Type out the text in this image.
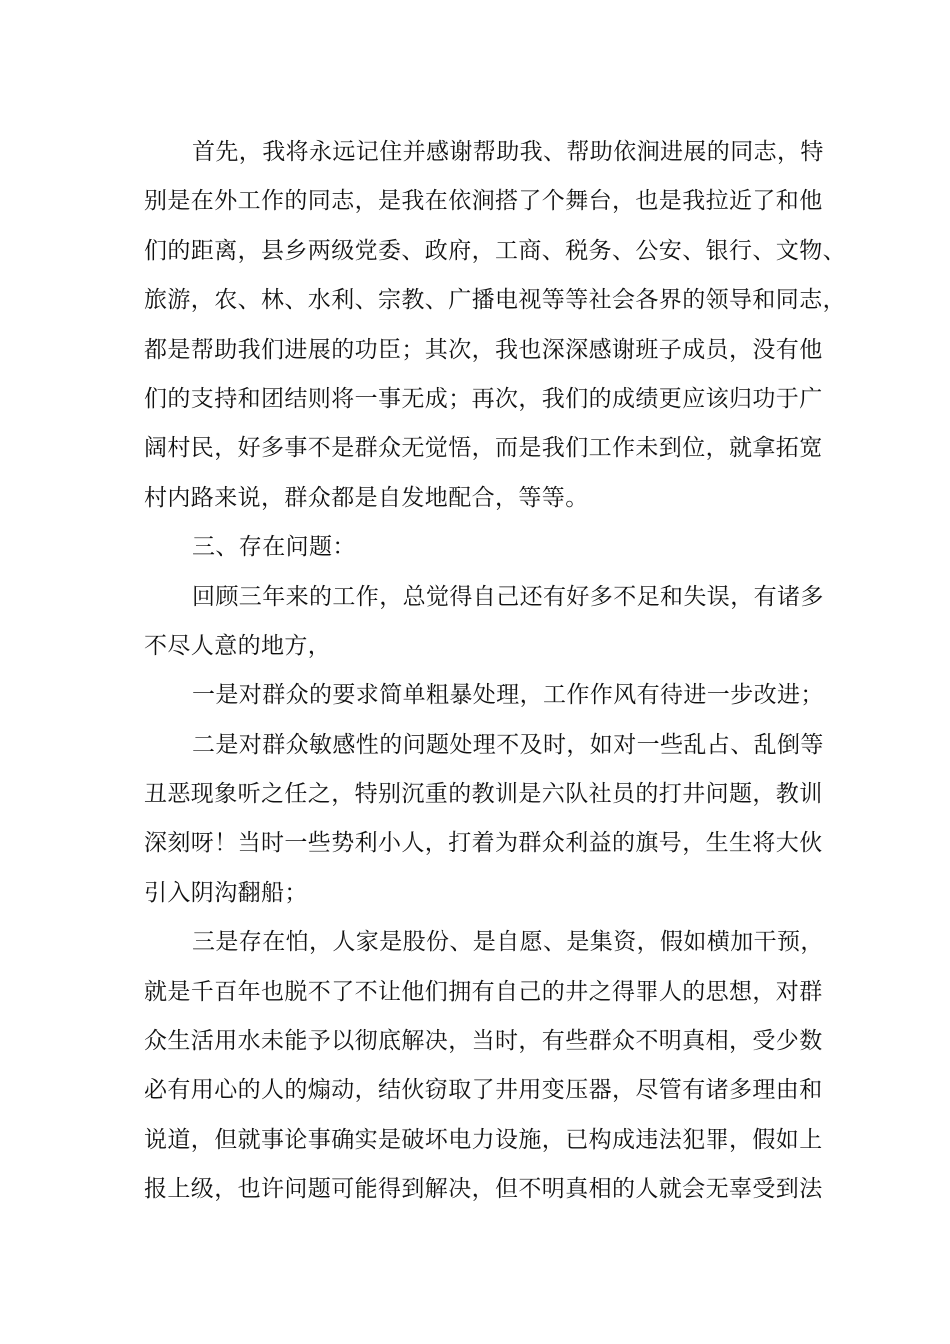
首先，我将永远记住并感谢帮助我、帮助依涧进展的同志，特
别是在外工作的同志，是我在依涧搭了个舞台，也是我拉近了和他
们的距离，县乡两级党委、政府，工商、税务、公安、银行、文物、
旅游，农、林、水利、宗教、广播电视等等社会各界的领导和同志，
都是帮助我们进展的功臣；其次，我也深深感谢班子成员，没有他
们的支持和团结则将一事无成；再次，我们的成绩更应该归功于广
阔村民，好多事不是群众无觉悟，而是我们工作未到位，就拿拓宽
村内路来说，群众都是自发地配合，等等。
三、存在问题：
回顾三年来的工作，总觉得自己还有好多不足和失误，有诸多
不尽人意的地方，
一是对群众的要求简单粗暴处理，工作作风有待进一步改进；
二是对群众敏感性的问题处理不及时，如对一些乱占、乱倒等
丑恶现象听之任之，特别沉重的教训是六队社员的打井问题，教训
深刻呀！当时一些势利小人，打着为群众利益的旗号，生生将大伙
引入阴沟翻船；
三是存在怕，人家是股份、是自愿、是集资，假如横加干预，
就是千百年也脱不了不让他们拥有自己的井之得罪人的思想，对群
众生活用水未能予以彻底解决，当时，有些群众不明真相，受少数
必有用心的人的煽动，结伙窃取了井用变压器，尽管有诸多理由和
说道，但就事论事确实是破坏电力设施，已构成违法犯罪，假如上
报上级，也许问题可能得到解决，但不明真相的人就会无辜受到法
